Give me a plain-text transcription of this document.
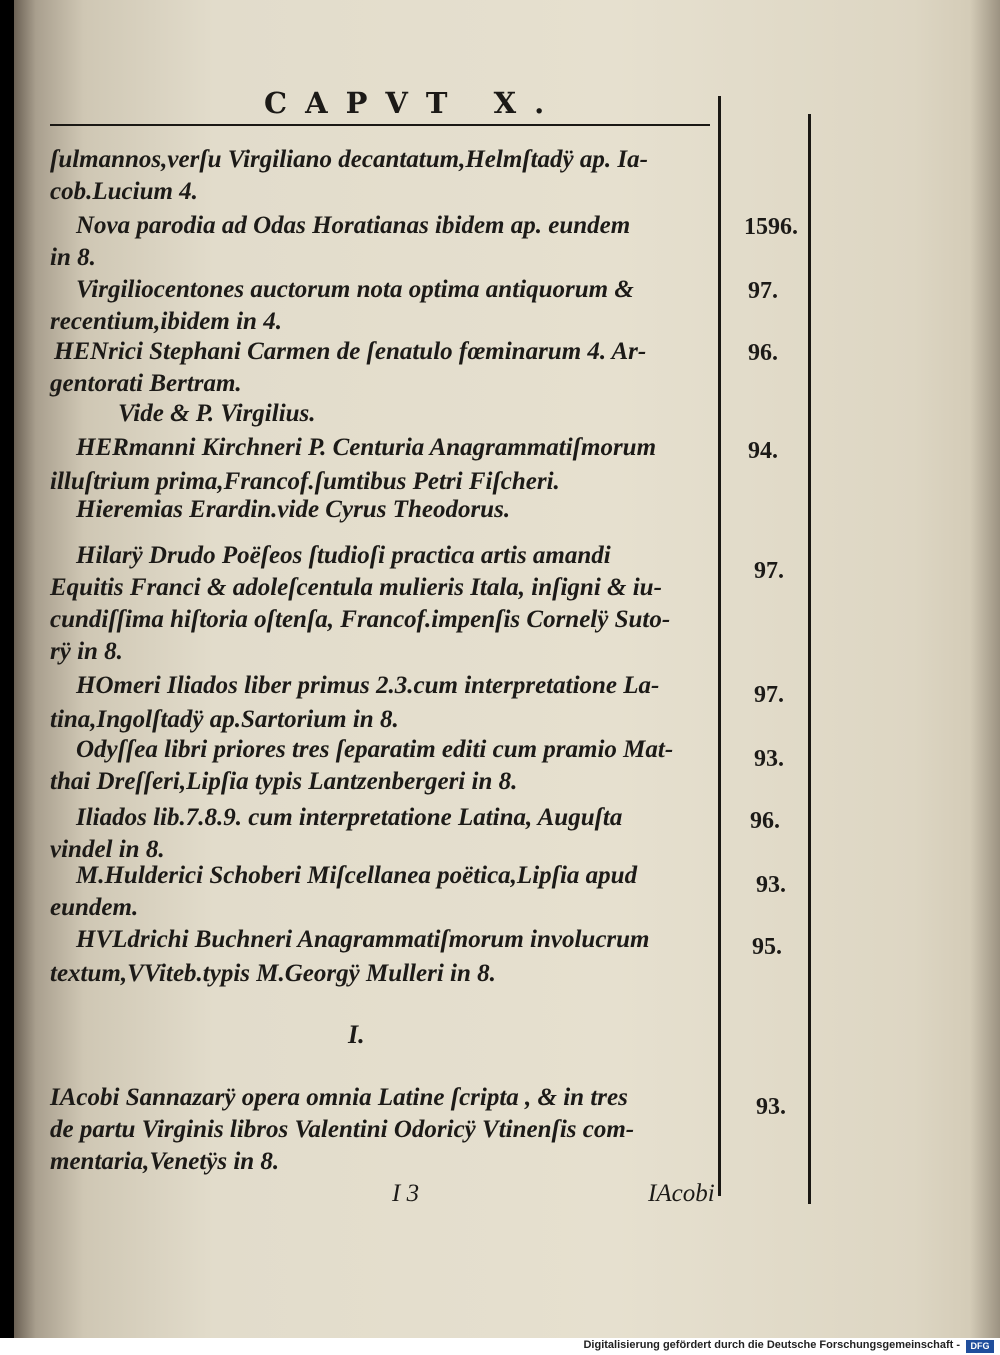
CAPVT X.
ſulmannos,verſu Virgiliano decantatum,Helmſtadÿ ap. Ia-
cob.Lucium 4.
Nova parodia ad Odas Horatianas ibidem ap. eundem
in 8.
1596.
Virgiliocentones auctorum nota optima antiquorum &
recentium,ibidem in 4.
97.
HENrici Stephani Carmen de ſenatulo fœminarum 4. Ar-
gentorati Bertram.
96.
Vide & P. Virgilius.
HERmanni Kirchneri P. Centuria Anagrammatiſmorum
illuſtrium prima,Francof.ſumtibus Petri Fiſcheri.
94.
Hieremias Erardin.vide Cyrus Theodorus.
Hilarÿ Drudo Poëſeos ſtudioſi practica artis amandi
Equitis Franci & adoleſcentula mulieris Itala, inſigni & iu-
cundiſſima hiſtoria oſtenſa, Francof.impenſis Cornelÿ Suto-
rÿ in 8.
97.
HOmeri Iliados liber primus 2.3.cum interpretatione La-
tina,Ingolſtadÿ ap.Sartorium in 8.
97.
Odyſſea libri priores tres ſeparatim editi cum pramio Mat-
thai Dreſſeri,Lipſia typis Lantzenbergeri in 8.
93.
Iliados lib.7.8.9. cum interpretatione Latina, Auguſta
vindel in 8.
96.
M.Hulderici Schoberi Miſcellanea poëtica,Lipſia apud
eundem.
93.
HVLdrichi Buchneri Anagrammatiſmorum involucrum
textum,VViteb.typis M.Georgÿ Mulleri in 8.
95.
IAcobi Sannazarÿ opera omnia Latine ſcripta , & in tres
de partu Virginis libros Valentini Odoricÿ Vtinenſis com-
mentaria,Venetÿs in 8.
93.
I.
I 3	IAcobi
Digitalisierung gefördert durch die Deutsche Forschungsgemeinschaft -	DFG
